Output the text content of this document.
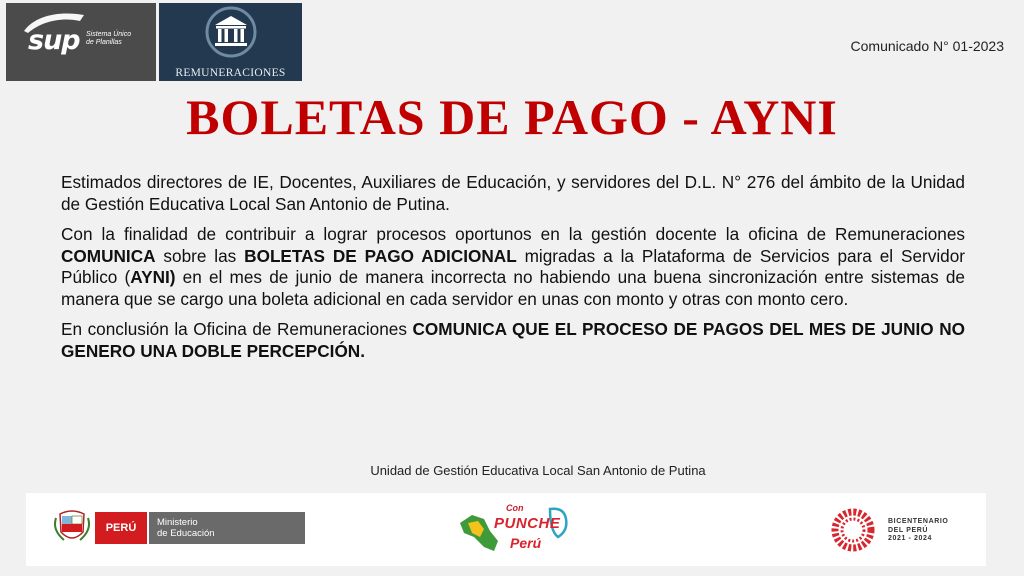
sup Sistema Único
de Planillas
REMUNERACIONES
Comunicado N° 01-2023
BOLETAS DE PAGO - AYNI

Estimados directores de IE, Docentes, Auxiliares de Educación, y servidores del D.L. N° 276 del ámbito de la Unidad de Gestión Educativa Local San Antonio de Putina.

Con la finalidad de contribuir a lograr procesos oportunos en la gestión docente la oficina de Remuneraciones COMUNICA sobre las BOLETAS DE PAGO ADICIONAL migradas a la Plataforma de Servicios para el Servidor Público (AYNI) en el mes de junio de manera incorrecta no habiendo una buena sincronización entre sistemas de manera que se cargo una boleta adicional en cada servidor en unas con monto y otras con monto cero.

En conclusión la Oficina de Remuneraciones COMUNICA QUE EL PROCESO DE PAGOS DEL MES DE JUNIO NO GENERO UNA DOBLE PERCEPCIÓN.

Unidad de Gestión Educativa Local San Antonio de Putina
PERÚ	Ministerio
de Educación
Con
PUNCHE
Perú
BICENTENARIO
DEL PERÚ
2021 - 2024
